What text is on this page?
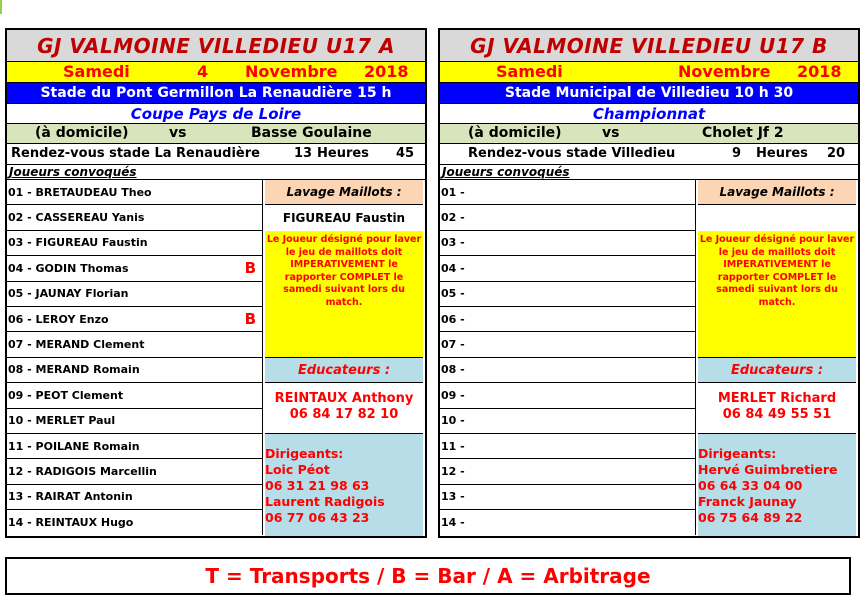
GJ VALMOINE VILLEDIEU U17 A
Samedi	4 Novembre 2018
Stade du Pont Germillon La Renaudière 15 h
Coupe Pays de Loire
(à domicile)	vs	Basse Goulaine
Rendez-vous stade La Renaudière	13 Heures 45
Joueurs convoqués
01 - BRETAUDEAU Theo
02 - CASSEREAU Yanis
03 - FIGUREAU Faustin
04 - GODIN Thomas	B
05 - JAUNAY Florian
06 - LEROY Enzo	B
07 - MERAND Clement
08 - MERAND Romain
09 - PEOT Clement
10 - MERLET Paul
11 - POILANE Romain
12 - RADIGOIS Marcellin
13 - RAIRAT Antonin
14 - REINTAUX Hugo
Lavage Maillots :
FIGUREAU Faustin
Le Joueur désigné pour laver le jeu de maillots doit IMPERATIVEMENT le rapporter COMPLET le samedi suivant lors du match.
Educateurs :
REINTAUX Anthony
06 84 17 82 10
Dirigeants:
Loic Péot
06 31 21 98 63
Laurent Radigois
06 77 06 43 23
GJ VALMOINE VILLEDIEU U17 B
Samedi	Novembre 2018
Stade Municipal de Villedieu 10 h 30
Championnat
(à domicile)	vs	Cholet Jf 2
Rendez-vous stade Villedieu	9 Heures 20
Joueurs convoqués
01 -
02 -
03 -
04 -
05 -
06 -
07 -
08 -
09 -
10 -
11 -
12 -
13 -
14 -
Lavage Maillots :
Le Joueur désigné pour laver le jeu de maillots doit IMPERATIVEMENT le rapporter COMPLET le samedi suivant lors du match.
Educateurs :
MERLET Richard
06 84 49 55 51
Dirigeants:
Hervé Guimbretiere
06 64 33 04 00
Franck Jaunay
06 75 64 89 22
T = Transports / B = Bar / A = Arbitrage
